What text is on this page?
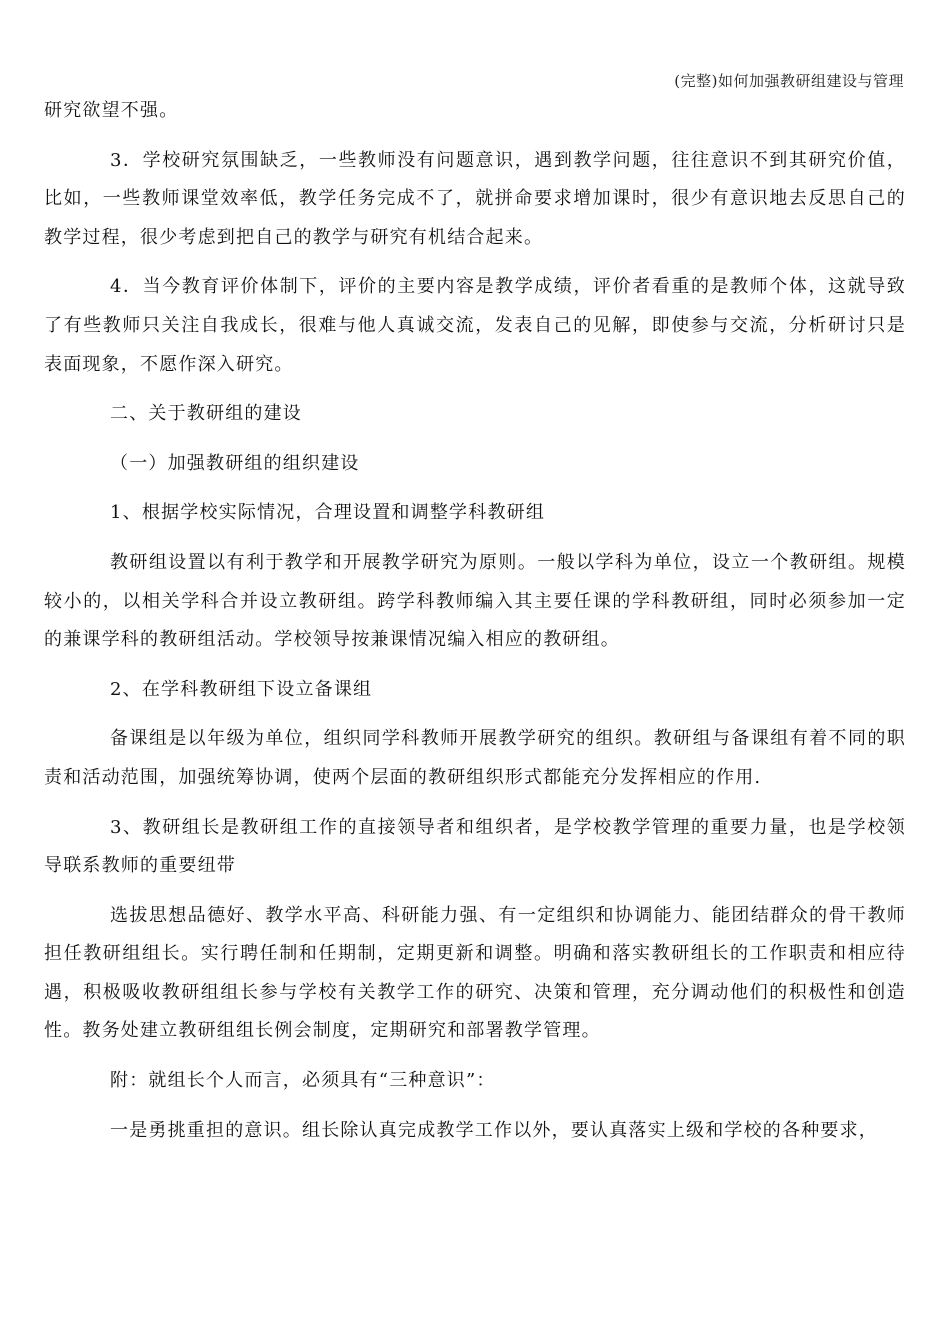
(完整)如何加强教研组建设与管理

研究欲望不强。

3．学校研究氛围缺乏，一些教师没有问题意识，遇到教学问题，往往意识不到其研究价值，比如，一些教师课堂效率低，教学任务完成不了，就拼命要求增加课时，很少有意识地去反思自己的教学过程，很少考虑到把自己的教学与研究有机结合起来。

4．当今教育评价体制下，评价的主要内容是教学成绩，评价者看重的是教师个体，这就导致了有些教师只关注自我成长，很难与他人真诚交流，发表自己的见解，即使参与交流，分析研讨只是表面现象，不愿作深入研究。

二、关于教研组的建设

（一）加强教研组的组织建设

1、根据学校实际情况，合理设置和调整学科教研组

教研组设置以有利于教学和开展教学研究为原则。一般以学科为单位，设立一个教研组。规模较小的，以相关学科合并设立教研组。跨学科教师编入其主要任课的学科教研组，同时必须参加一定的兼课学科的教研组活动。学校领导按兼课情况编入相应的教研组。

2、在学科教研组下设立备课组

备课组是以年级为单位，组织同学科教师开展教学研究的组织。教研组与备课组有着不同的职责和活动范围，加强统筹协调，使两个层面的教研组织形式都能充分发挥相应的作用.

3、教研组长是教研组工作的直接领导者和组织者，是学校教学管理的重要力量，也是学校领导联系教师的重要纽带

选拔思想品德好、教学水平高、科研能力强、有一定组织和协调能力、能团结群众的骨干教师担任教研组组长。实行聘任制和任期制，定期更新和调整。明确和落实教研组长的工作职责和相应待遇，积极吸收教研组组长参与学校有关教学工作的研究、决策和管理，充分调动他们的积极性和创造性。教务处建立教研组组长例会制度，定期研究和部署教学管理。

附：就组长个人而言，必须具有“三种意识”：

一是勇挑重担的意识。组长除认真完成教学工作以外，要认真落实上级和学校的各种要求，
